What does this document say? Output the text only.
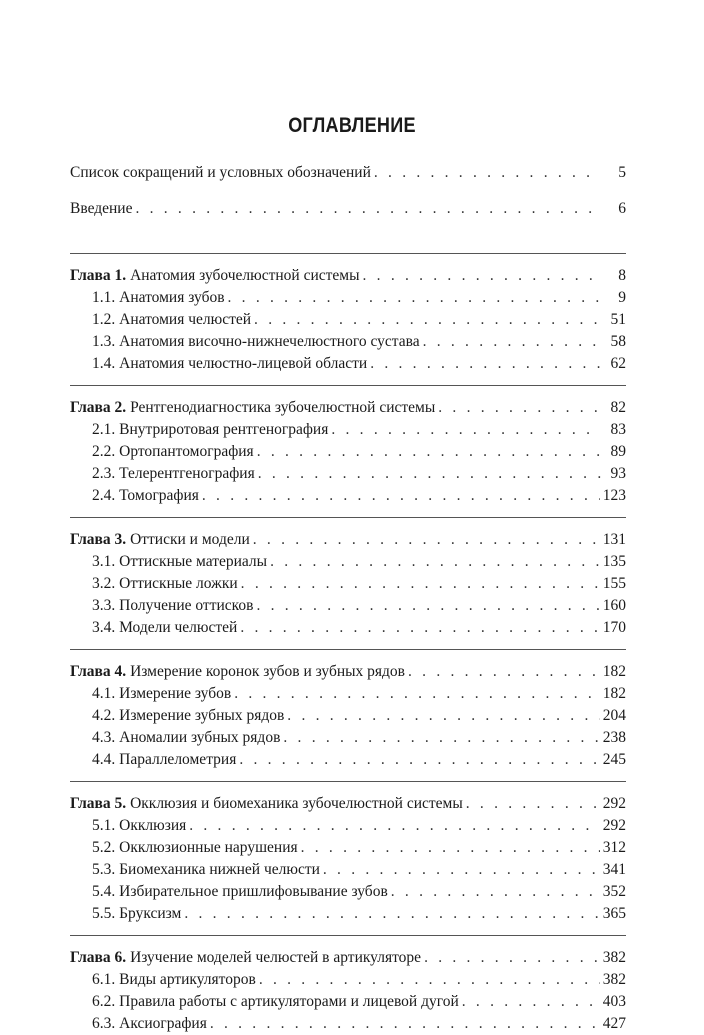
ОГЛАВЛЕНИЕ
Список сокращений и условных обозначений . . .	5
Введение . . .	6
Глава 1. Анатомия зубочелюстной системы . . .	8
1.1. Анатомия зубов . . .	9
1.2. Анатомия челюстей . . .	51
1.3. Анатомия височно-нижнечелюстного сустава . . .	58
1.4. Анатомия челюстно-лицевой области . . .	62
Глава 2. Рентгенодиагностика зубочелюстной системы . . .	82
2.1. Внутриротовая рентгенография . . .	83
2.2. Ортопантомография . . .	89
2.3. Телерентгенография . . .	93
2.4. Томография . . .	123
Глава 3. Оттиски и модели . . .	131
3.1. Оттискные материалы . . .	135
3.2. Оттискные ложки . . .	155
3.3. Получение оттисков . . .	160
3.4. Модели челюстей . . .	170
Глава 4. Измерение коронок зубов и зубных рядов . . .	182
4.1. Измерение зубов . . .	182
4.2. Измерение зубных рядов . . .	204
4.3. Аномалии зубных рядов . . .	238
4.4. Параллелометрия . . .	245
Глава 5. Окклюзия и биомеханика зубочелюстной системы . . .	292
5.1. Окклюзия . . .	292
5.2. Окклюзионные нарушения . . .	312
5.3. Биомеханика нижней челюсти . . .	341
5.4. Избирательное пришлифовывание зубов . . .	352
5.5. Бруксизм . . .	365
Глава 6. Изучение моделей челюстей в артикуляторе . . .	382
6.1. Виды артикуляторов . . .	382
6.2. Правила работы с артикуляторами и лицевой дугой . . .	403
6.3. Аксиография . . .	427
